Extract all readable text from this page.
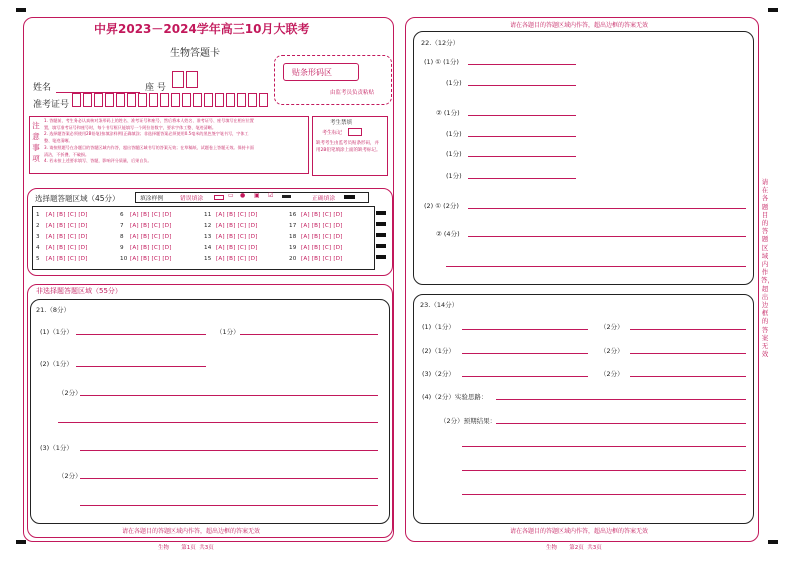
中昇2023－2024学年高三10月大联考
生物答题卡
姓名	座 号
准考证号
贴条形码区
由监考员负责粘贴
注意事项
1. 答题前，考生务必认真核对条形码上的姓名、准考证号和座号，然后将本人姓名、准考证号、座号填写在相应位置
置，填写准考证号和座号时，每个书写框只能填写一个阿拉伯数字，要求字体工整、笔迹清晰。
2. 选择题答案必须使用2B铅笔(按填涂样例)正确填涂；非选择题答案必须使用0.5毫米的黑色签字笔书写，字体工
整、笔迹清晰。
3. 请按照题号在各题目的答题区域内作答，超出答题区域书写的答案无效；在草稿纸、试题卷上答题无效。保持卡面
清洁，不折叠、不破损。
4. 若未按上述要求填写、答题，影响评分质量，后果自负。
考生禁填
考生标记
缺考考生由监考员贴条形码，并用2B铅笔填涂上面的缺考标记。
选择题答题区域（45分）	填涂样例	错误填涂	▭ ● ▣ ☑	正确填涂
1 [A] [B] [C] [D]
2 [A] [B] [C] [D]
3 [A] [B] [C] [D]
4 [A] [B] [C] [D]
5 [A] [B] [C] [D]
6 [A] [B] [C] [D]
7 [A] [B] [C] [D]
8 [A] [B] [C] [D]
9 [A] [B] [C] [D]
10 [A] [B] [C] [D]
11 [A] [B] [C] [D]
12 [A] [B] [C] [D]
13 [A] [B] [C] [D]
14 [A] [B] [C] [D]
15 [A] [B] [C] [D]
16 [A] [B] [C] [D]
17 [A] [B] [C] [D]
18 [A] [B] [C] [D]
19 [A] [B] [C] [D]
20 [A] [B] [C] [D]
非选择题答题区域（55分）
21.（8分）
(1)（1分）	（1分）
(2)（1分）
（2分）
(3)（1分）
（2分）
请在各题目的答题区域内作答，超出边框的答案无效
生物       第1页  共3页
请在各题目的答题区域内作答，超出边框的答案无效
请在各题目的答题区域内作答，超出边框的答案无效
22.（12分）
(1) ① (1分)
(1分)
② (1分)
(1分)
(1分)
(1分)
(2) ① (2分)
② (4分)
23.（14分）
(1)（1分）	（2分）
(2)（1分）	（2分）
(3)（2分）	（2分）
(4)（2分）实验思路：
（2分）预期结果：
请在各题目的答题区域内作答，超出边框的答案无效
生物       第2页  共3页
